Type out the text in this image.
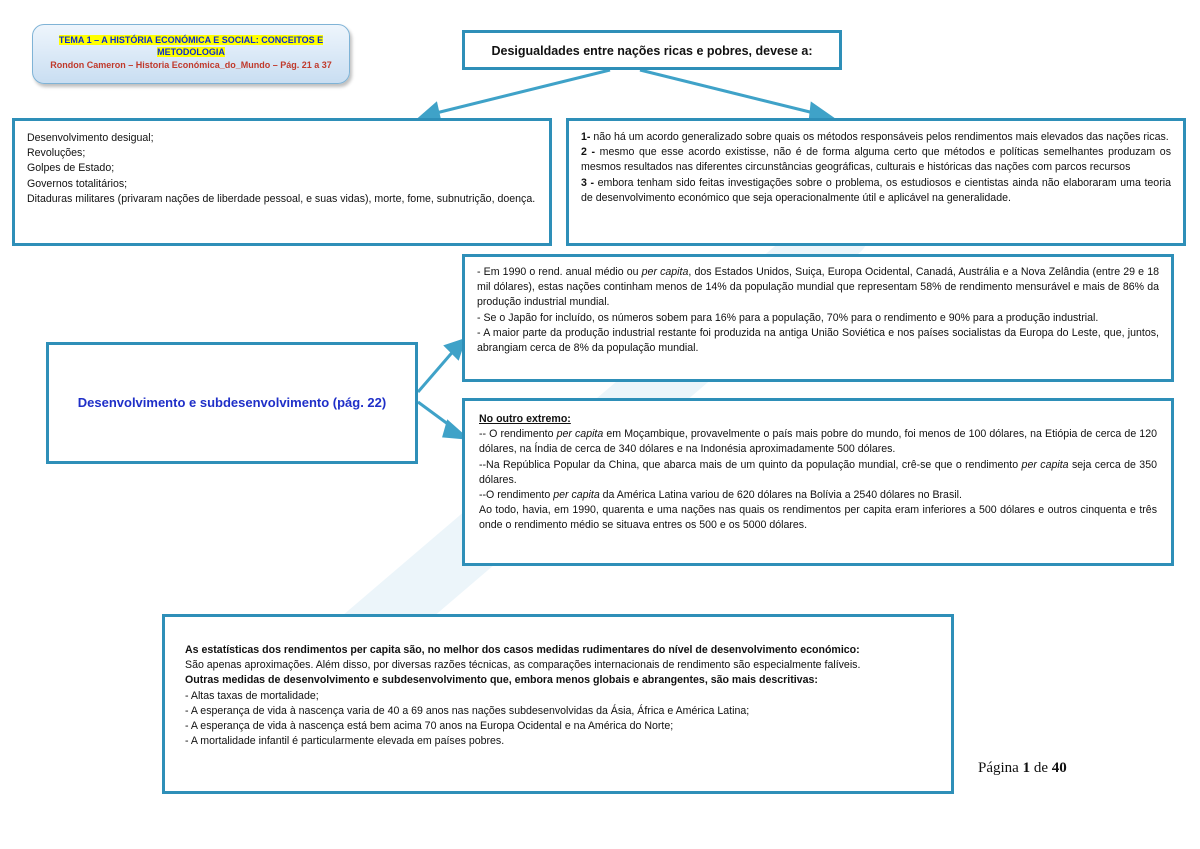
TEMA 1 – A HISTÓRIA ECONÓMICA E SOCIAL: CONCEITOS E METODOLOGIA
Rondon Cameron – Historia Económica_do_Mundo – Pág. 21 a 37
Desigualdades entre nações ricas e pobres, devese a:

Desenvolvimento desigual;

Revoluções;

Golpes de Estado;

Governos totalitários;

Ditaduras militares (privaram nações de liberdade pessoal, e suas vidas), morte, fome, subnutrição, doença.

1- não há um acordo generalizado sobre quais os métodos responsáveis pelos rendimentos mais elevados das nações ricas.

2 - mesmo que esse acordo existisse, não é de forma alguma certo que métodos e políticas semelhantes produzam os mesmos resultados nas diferentes circunstâncias geográficas, culturais e históricas das nações com parcos recursos

3 - embora tenham sido feitas investigações sobre o problema, os estudiosos e cientistas ainda não elaboraram uma teoria de desenvolvimento económico que seja operacionalmente útil e aplicável na generalidade.

Desenvolvimento e subdesenvolvimento (pág. 22)

- Em 1990 o rend. anual médio ou per capita, dos Estados Unidos, Suiça, Europa Ocidental, Canadá, Austrália e a Nova Zelândia (entre 29 e 18 mil dólares), estas nações continham menos de 14% da população mundial que representam 58% de rendimento mensurável e mais de 86% da produção industrial mundial.

- Se o Japão for incluído, os números sobem para 16% para a população, 70% para o rendimento e 90% para a produção industrial.

- A maior parte da produção industrial restante foi produzida na antiga União Soviética e nos países socialistas da Europa do Leste, que, juntos, abrangiam cerca de 8% da população mundial.

No outro extremo:

-- O rendimento per capita em Moçambique, provavelmente o país mais pobre do mundo, foi menos de 100 dólares, na Etiópia de cerca de 120 dólares, na Índia de cerca de 340 dólares e na Indonésia aproximadamente 500 dólares.

--Na República Popular da China, que abarca mais de um quinto da população mundial, crê-se que o rendimento per capita seja cerca de 350 dólares.

--O rendimento per capita da América Latina variou de 620 dólares na Bolívia a 2540 dólares no Brasil.

Ao todo, havia, em 1990, quarenta e uma nações nas quais os rendimentos per capita eram inferiores a 500 dólares e outros cinquenta e três onde o rendimento médio se situava entres os 500 e os 5000 dólares.

As estatísticas dos rendimentos per capita são, no melhor dos casos medidas rudimentares do nível de desenvolvimento económico:

São apenas aproximações. Além disso, por diversas razões técnicas, as comparações internacionais de rendimento são especialmente falíveis.

Outras medidas de desenvolvimento e subdesenvolvimento que, embora menos globais e abrangentes, são mais descritivas:

- Altas taxas de mortalidade;

- A esperança de vida à nascença varia de 40 a 69 anos nas nações subdesenvolvidas da Ásia, África e América Latina;

- A esperança de vida à nascença está bem acima 70 anos na Europa Ocidental e na América do Norte;

- A mortalidade infantil é particularmente elevada em países pobres.

Página 1 de 40
